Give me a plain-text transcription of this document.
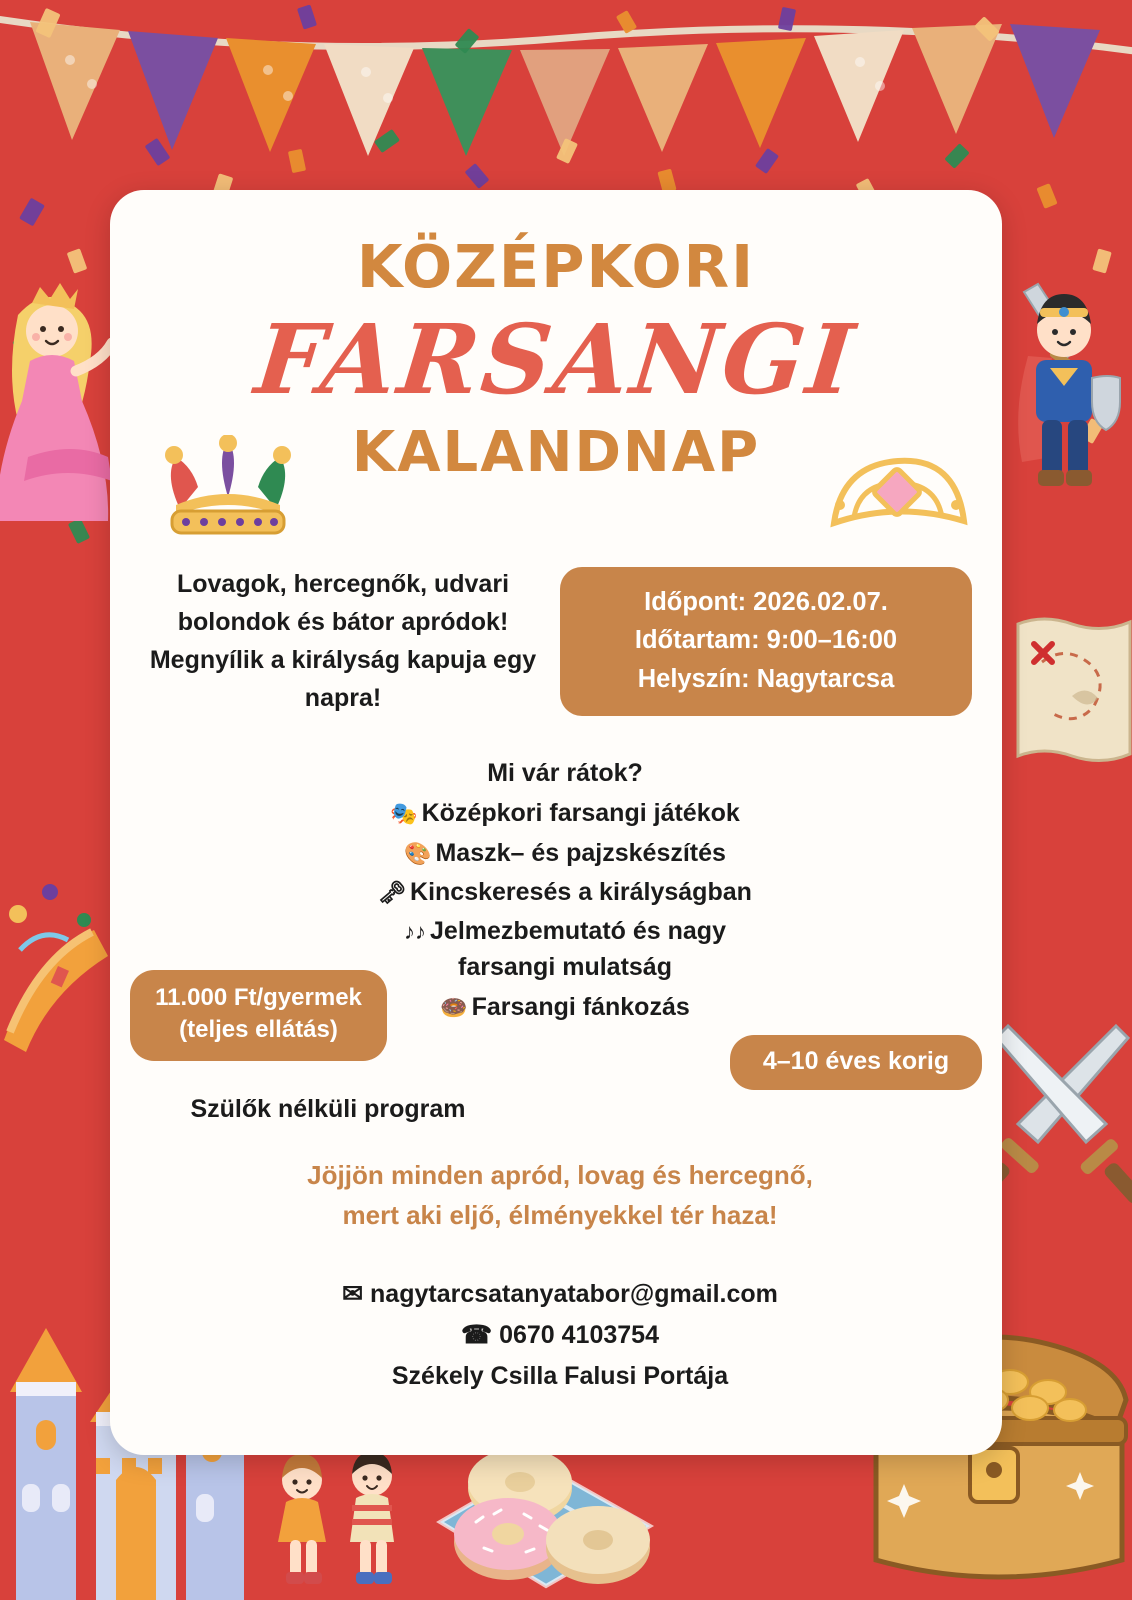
KÖZÉPKORI
FARSANGI
KALANDNAP
Lovagok, hercegnők, udvari bolondok és bátor apródok! Megnyílik a királyság kapuja egy napra!
Időpont: 2026.02.07.
Időtartam: 9:00–16:00
Helyszín: Nagytarcsa
Mi vár rátok?
🎭 Középkori farsangi játékok
🎨 Maszk– és pajzskészítés
🗝 Kincskeresés a királyságban
♪♪ Jelmezbemutató és nagy farsangi mulatság
🍩 Farsangi fánkozás
11.000 Ft/gyermek
(teljes ellátás)
4–10 éves korig
Szülők nélküli program
Jöjjön minden apród, lovag és hercegnő,
mert aki eljő, élményekkel tér haza!
✉ nagytarcsatanyatabor@gmail.com
☎ 0670 4103754
Székely Csilla Falusi Portája
